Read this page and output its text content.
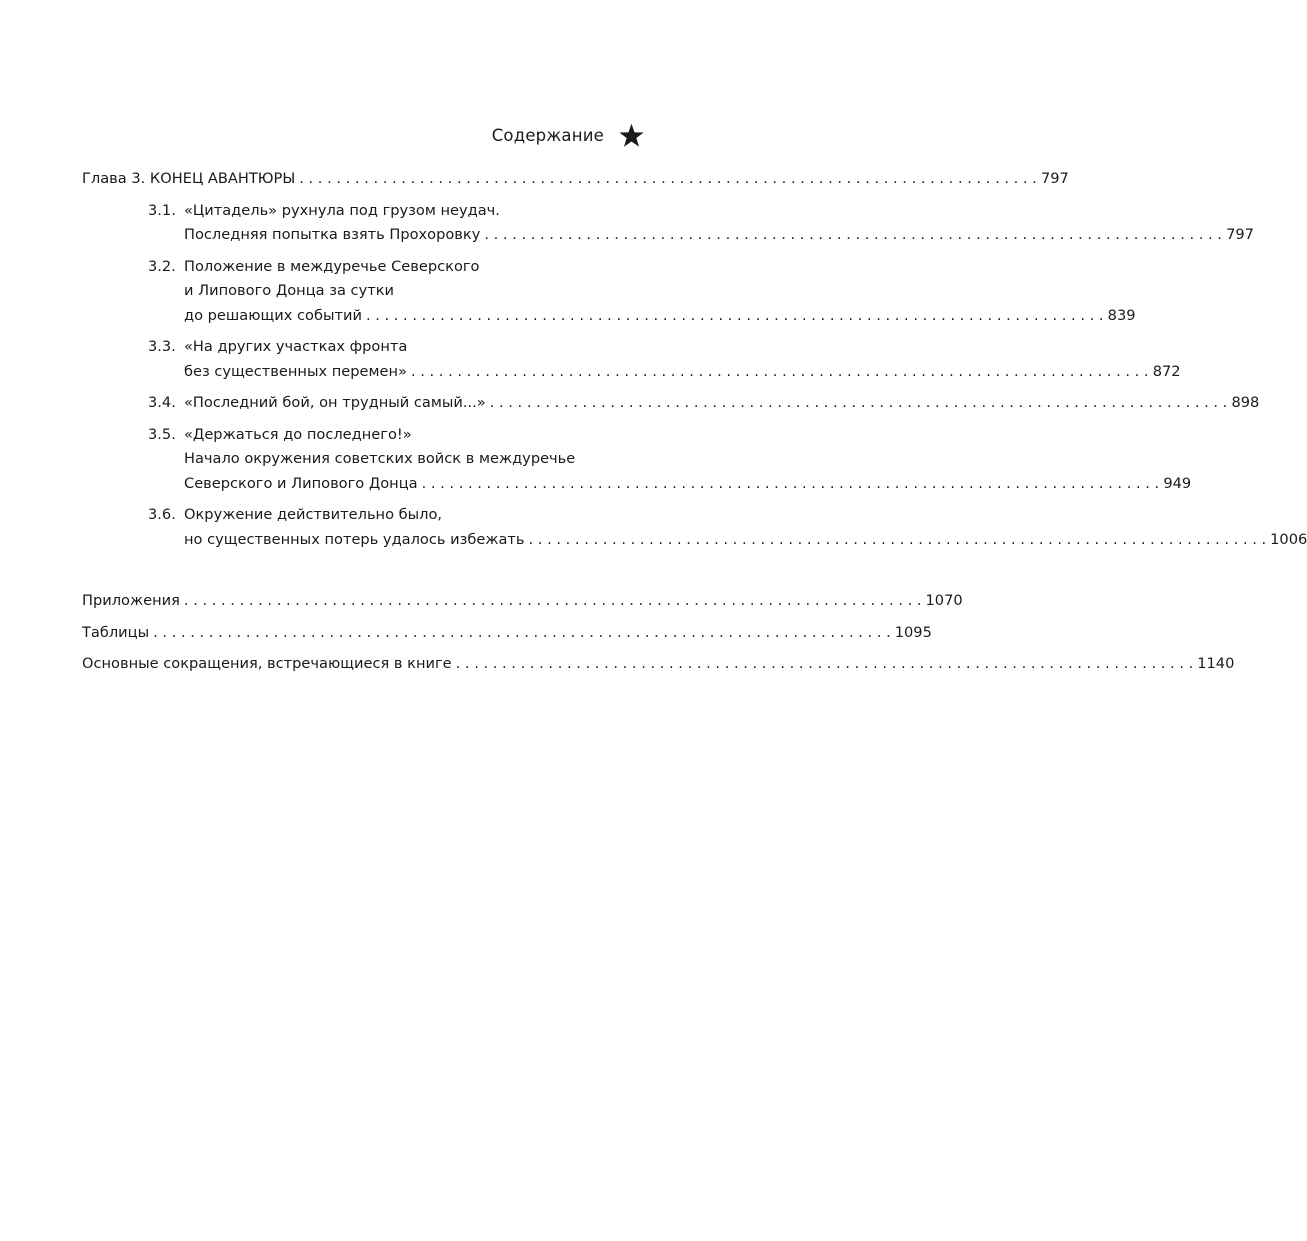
Содержание
Глава 3. КОНЕЦ АВАНТЮРЫ . . . . . . . . . . . . . . . . . . . . . . . . . . . . . . . . . . . . . . . . . . . . . . . . . . . . . . . . . . . . . . . . . . . . . . . . . . . . . . . . 797
3.1. «Цитадель» рухнула под грузом неудач.
Последняя попытка взять Прохоровку . . . . . . . . . . . . . . . . . . . . . . . . . . . . . . . . . . . . . . . . . . . . . . . . . . . . . . . . . . . . . . . . . . . . . . . . . . . . . . . . 797
3.2. Положение в междуречье Северского
и Липового Донца за сутки
до решающих событий . . . . . . . . . . . . . . . . . . . . . . . . . . . . . . . . . . . . . . . . . . . . . . . . . . . . . . . . . . . . . . . . . . . . . . . . . . . . . . . . 839
3.3. «На других участках фронта
без существенных перемен» . . . . . . . . . . . . . . . . . . . . . . . . . . . . . . . . . . . . . . . . . . . . . . . . . . . . . . . . . . . . . . . . . . . . . . . . . . . . . . . . 872
3.4. «Последний бой, он трудный самый...» . . . . . . . . . . . . . . . . . . . . . . . . . . . . . . . . . . . . . . . . . . . . . . . . . . . . . . . . . . . . . . . . . . . . . . . . . . . . . . . . 898
3.5. «Держаться до последнего!»
Начало окружения советских войск в междуречье
Северского и Липового Донца . . . . . . . . . . . . . . . . . . . . . . . . . . . . . . . . . . . . . . . . . . . . . . . . . . . . . . . . . . . . . . . . . . . . . . . . . . . . . . . . 949
3.6. Окружение действительно было,
но существенных потерь удалось избежать . . . . . . . . . . . . . . . . . . . . . . . . . . . . . . . . . . . . . . . . . . . . . . . . . . . . . . . . . . . . . . . . . . . . . . . . . . . . . . . . 1006
Приложения . . . . . . . . . . . . . . . . . . . . . . . . . . . . . . . . . . . . . . . . . . . . . . . . . . . . . . . . . . . . . . . . . . . . . . . . . . . . . . . . 1070
Таблицы . . . . . . . . . . . . . . . . . . . . . . . . . . . . . . . . . . . . . . . . . . . . . . . . . . . . . . . . . . . . . . . . . . . . . . . . . . . . . . . . 1095
Основные сокращения, встречающиеся в книге . . . . . . . . . . . . . . . . . . . . . . . . . . . . . . . . . . . . . . . . . . . . . . . . . . . . . . . . . . . . . . . . . . . . . . . . . . . . . . . . 1140
